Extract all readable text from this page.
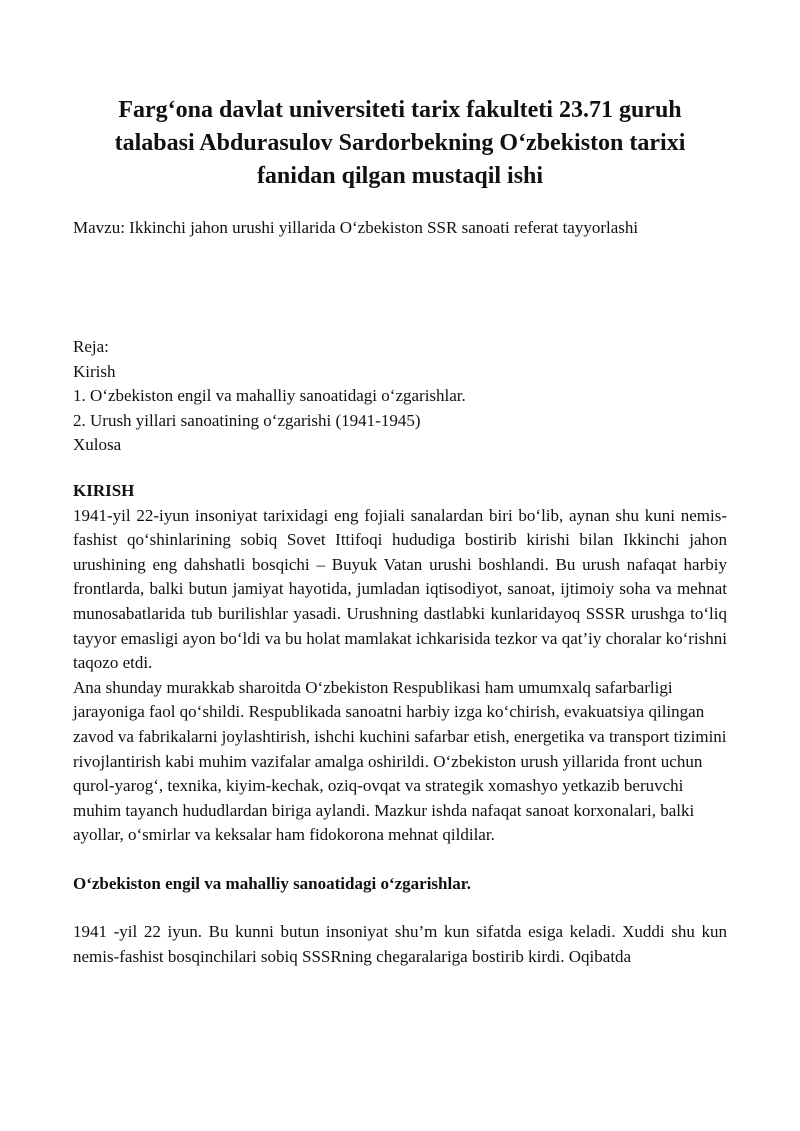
Farg‘ona davlat universiteti tarix fakulteti 23.71 guruh talabasi Abdurasulov Sardorbekning O‘zbekiston tarixi fanidan qilgan mustaqil ishi
Mavzu: Ikkinchi jahon urushi yillarida O‘zbekiston SSR sanoati referat tayyorlashi
Reja:
Kirish
1. O‘zbekiston engil va mahalliy sanoatidagi o‘zgarishlar.
2. Urush yillari sanoatining o‘zgarishi (1941-1945)
Xulosa
KIRISH

1941-yil 22-iyun insoniyat tarixidagi eng fojiali sanalardan biri bo‘lib, aynan shu kuni nemis-fashist qo‘shinlarining sobiq Sovet Ittifoqi hududiga bostirib kirishi bilan Ikkinchi jahon urushining eng dahshatli bosqichi – Buyuk Vatan urushi boshlandi. Bu urush nafaqat harbiy frontlarda, balki butun jamiyat hayotida, jumladan iqtisodiyot, sanoat, ijtimoiy soha va mehnat munosabatlarida tub burilishlar yasadi. Urushning dastlabki kunlaridayoq SSSR urushga to‘liq tayyor emasligi ayon bo‘ldi va bu holat mamlakat ichkarisida tezkor va qat’iy choralar ko‘rishni taqozo etdi.

Ana shunday murakkab sharoitda O‘zbekiston Respublikasi ham umumxalq safarbarligi jarayoniga faol qo‘shildi. Respublikada sanoatni harbiy izga ko‘chirish, evakuatsiya qilingan zavod va fabrikalarni joylashtirish, ishchi kuchini safarbar etish, energetika va transport tizimini rivojlantirish kabi muhim vazifalar amalga oshirildi. O‘zbekiston urush yillarida front uchun qurol-yarog‘, texnika, kiyim-kechak, oziq-ovqat va strategik xomashyo yetkazib beruvchi muhim tayanch hududlardan biriga aylandi. Mazkur ishda nafaqat sanoat korxonalari, balki ayollar, o‘smirlar va keksalar ham fidokorona mehnat qildilar.

O‘zbekiston engil va mahalliy sanoatidagi o‘zgarishlar.

1941 -yil 22 iyun. Bu kunni butun insoniyat shu’m kun sifatda esiga keladi. Xuddi shu kun nemis-fashist bosqinchilari sobiq SSSRning chegaralariga bostirib kirdi. Oqibatda
